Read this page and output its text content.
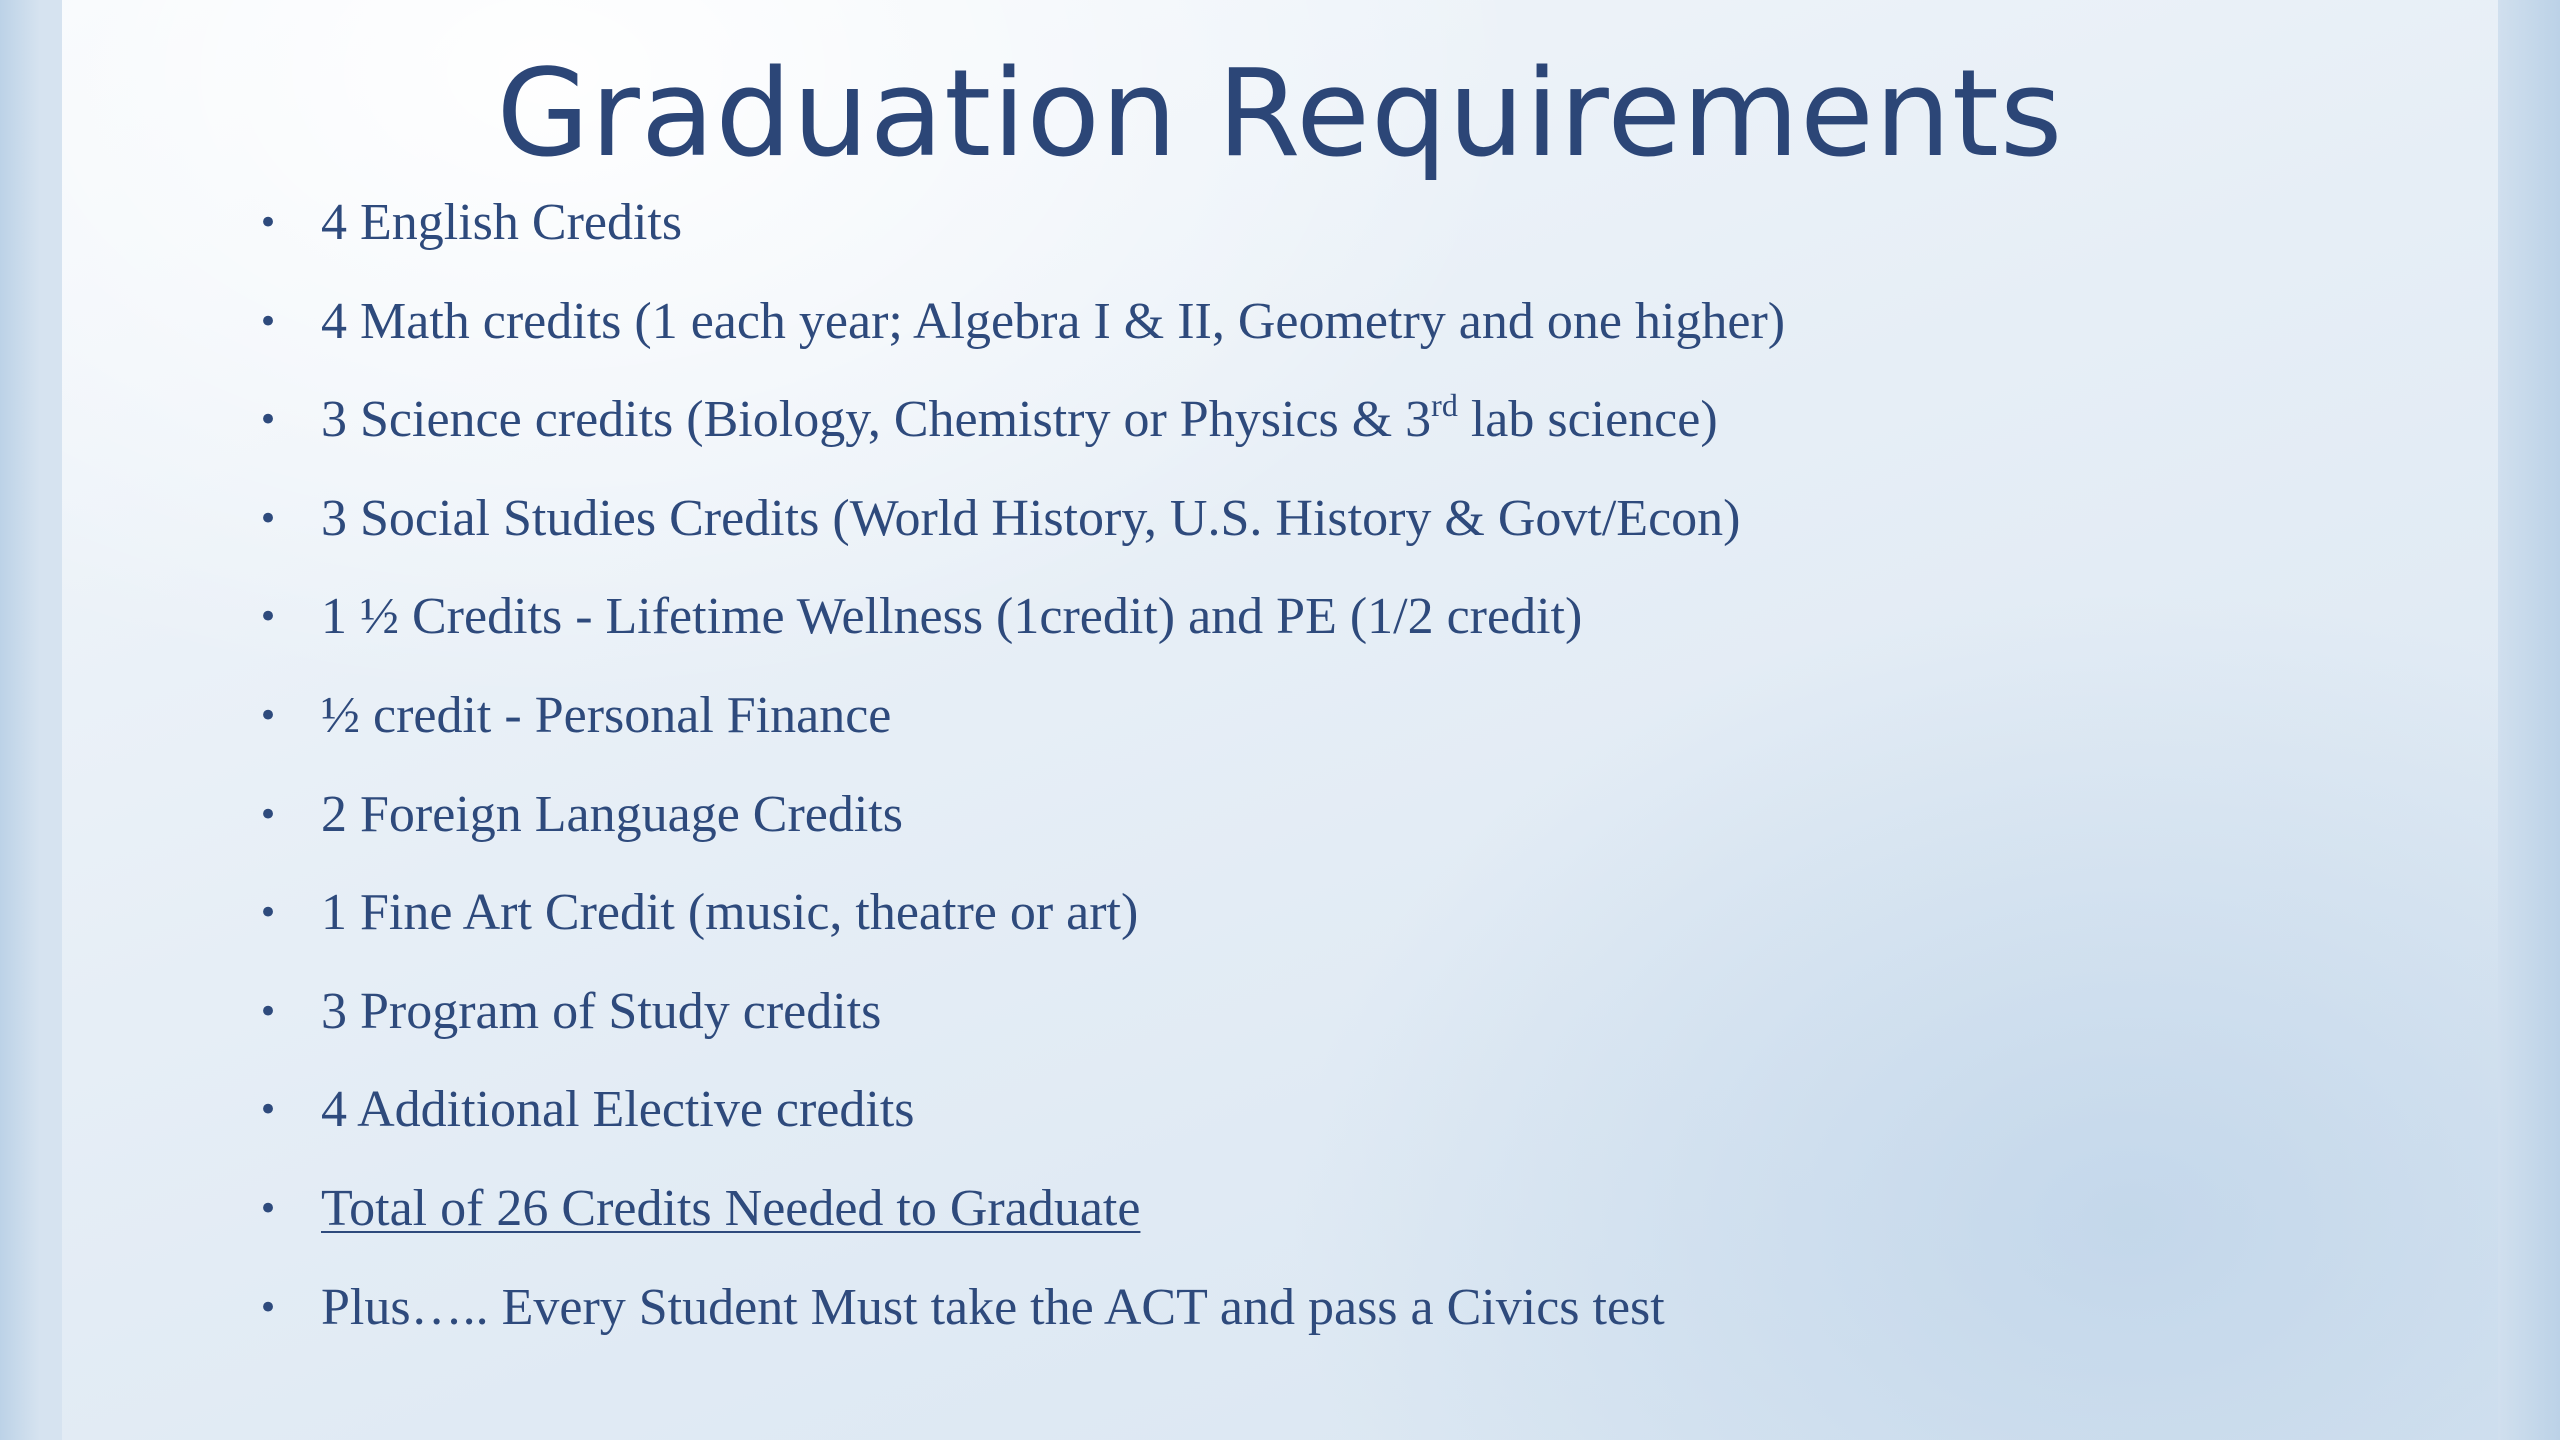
Graduation Requirements
• 4 English Credits
• 4 Math credits (1 each year; Algebra I & II, Geometry and one higher)
• 3 Science credits (Biology, Chemistry or Physics & 3rd lab science)
• 3 Social Studies Credits (World History, U.S. History & Govt/Econ)
• 1 ½ Credits - Lifetime Wellness (1credit) and PE (1/2 credit)
• ½ credit - Personal Finance
• 2 Foreign Language Credits
• 1 Fine Art Credit (music, theatre or art)
• 3 Program of Study credits
• 4 Additional Elective credits
• Total of 26 Credits Needed to Graduate
• Plus….. Every Student Must take the ACT and pass a Civics test
